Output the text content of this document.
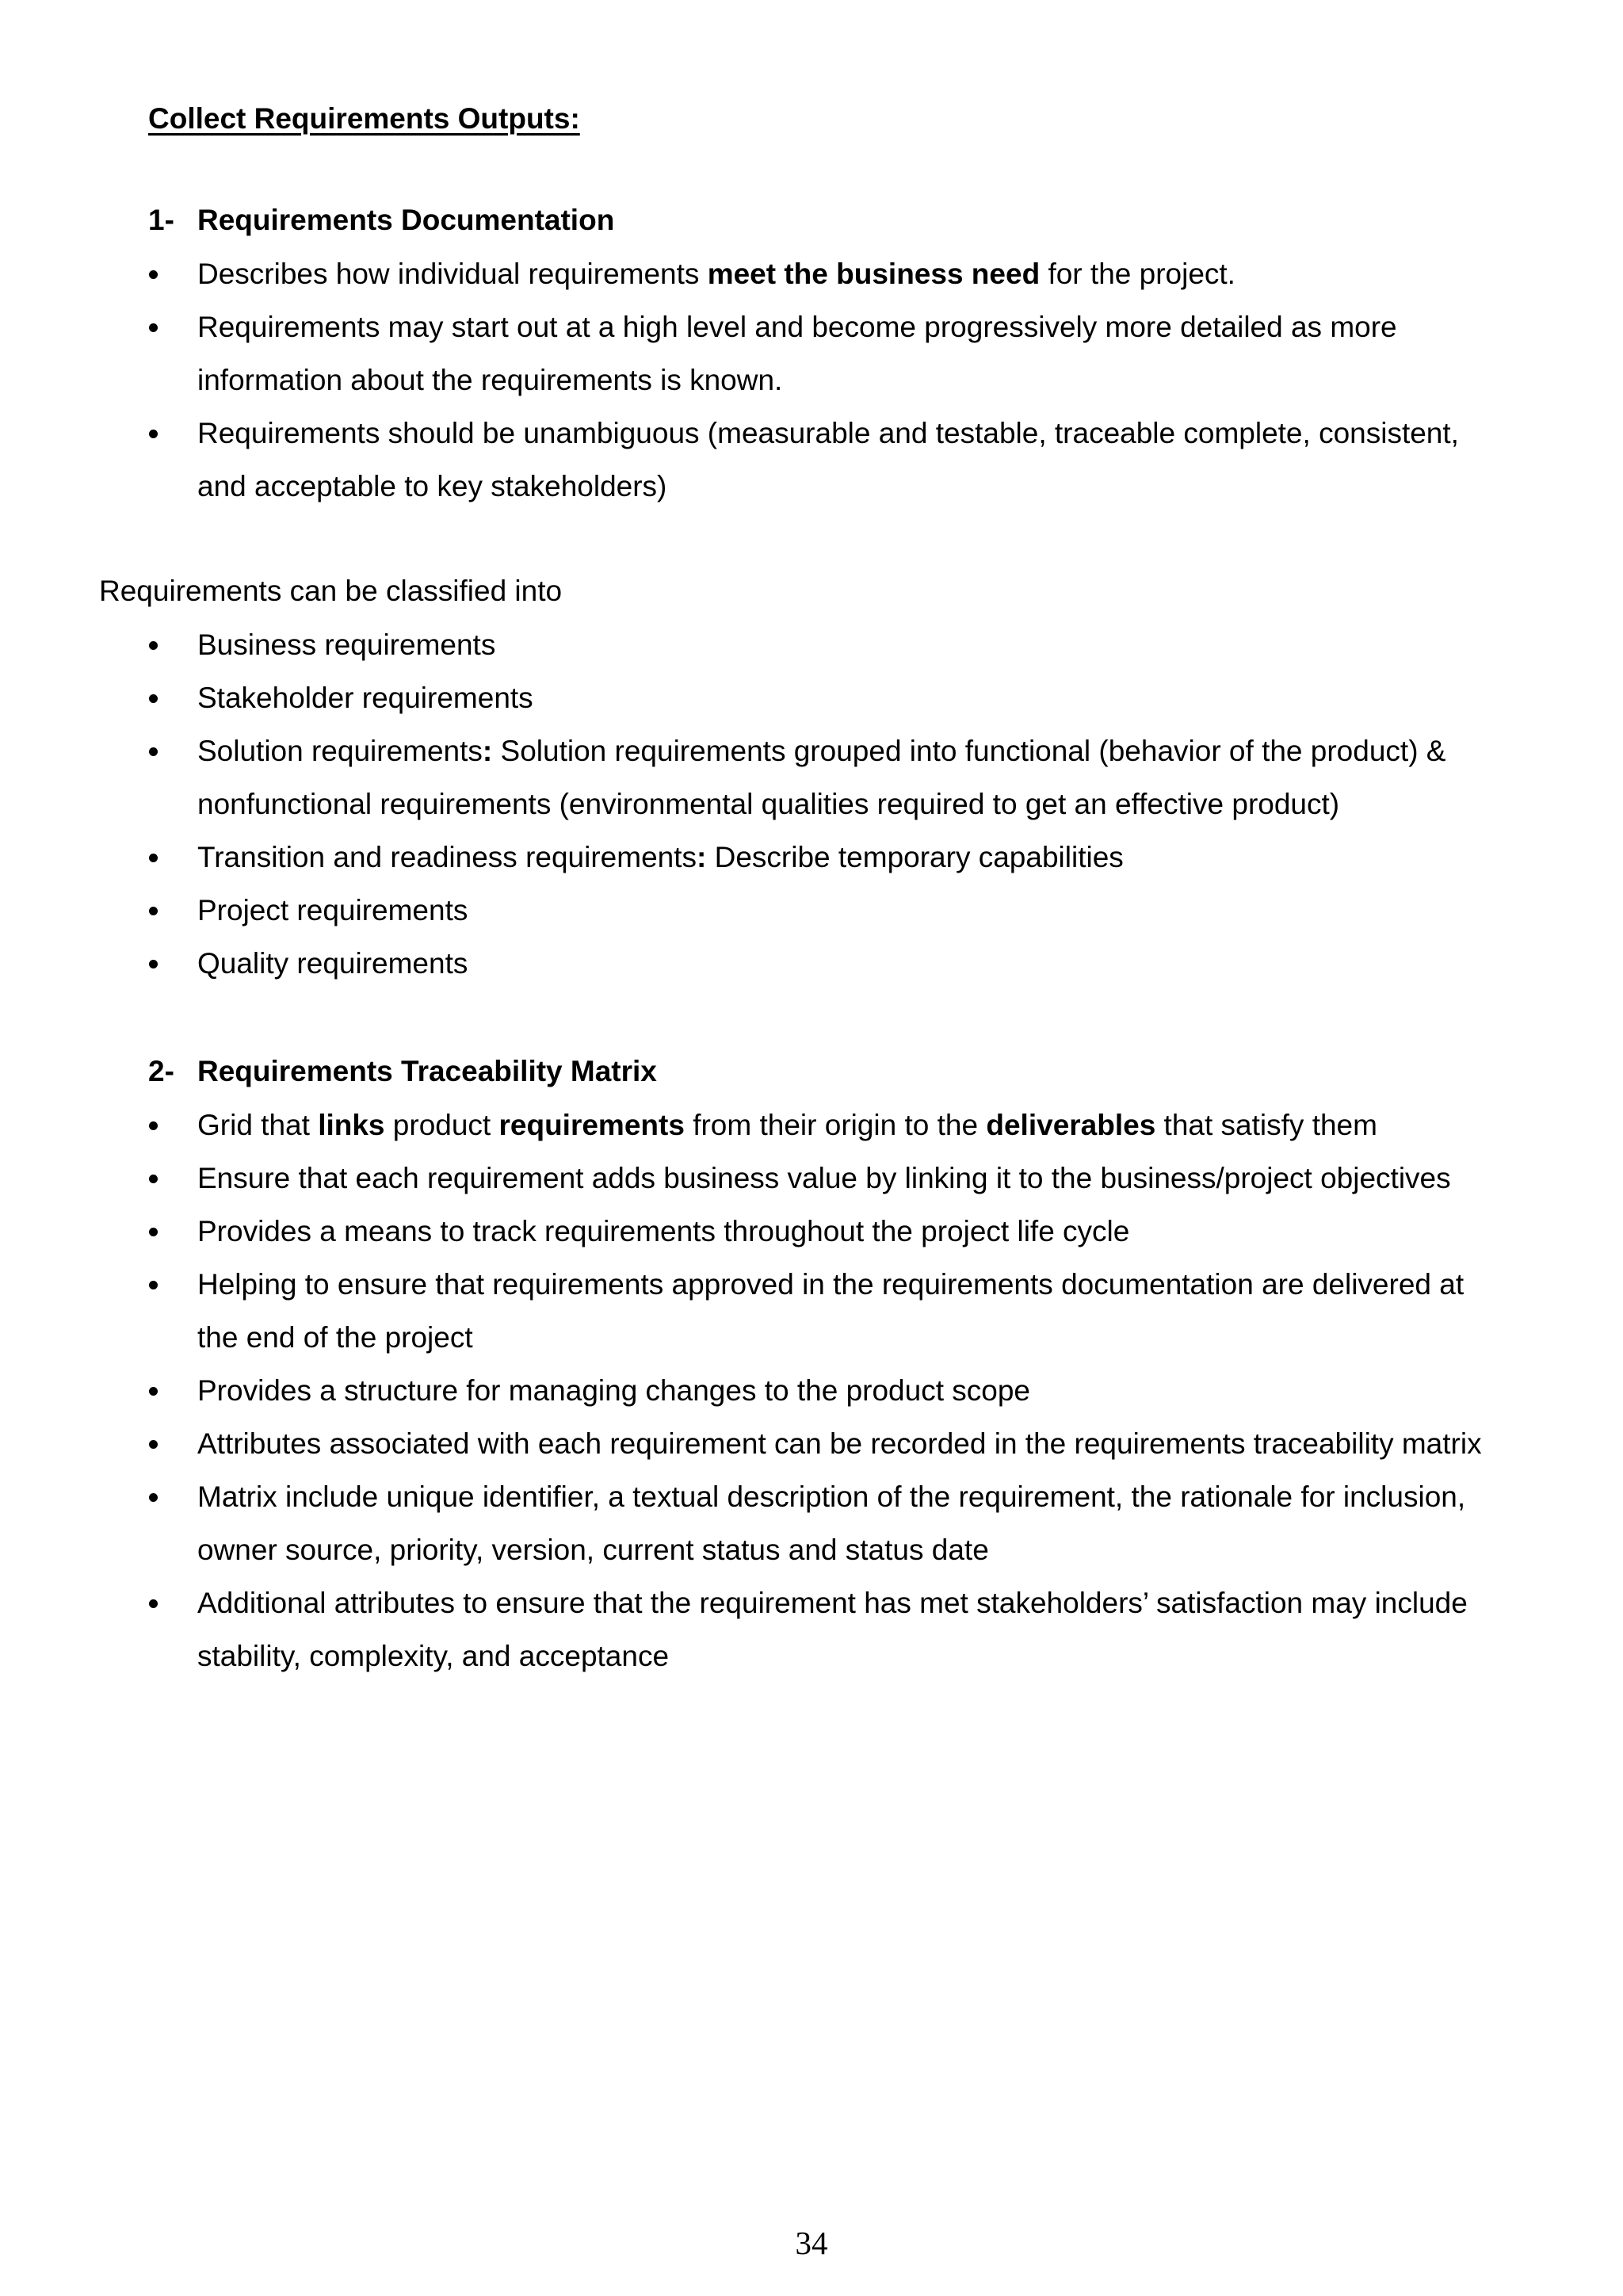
Collect Requirements Outputs:
1- Requirements Documentation
Describes how individual requirements meet the business need for the project.
Requirements may start out at a high level and become progressively more detailed as more
information about the requirements is known.
Requirements should be unambiguous (measurable and testable, traceable complete, consistent,
and acceptable to key stakeholders)
Requirements can be classified into
Business requirements
Stakeholder requirements
Solution requirements: Solution requirements grouped into functional (behavior of the product) &
nonfunctional requirements (environmental qualities required to get an effective product)
Transition and readiness requirements: Describe temporary capabilities
Project requirements
Quality requirements
2- Requirements Traceability Matrix
Grid that links product requirements from their origin to the deliverables that satisfy them
Ensure that each requirement adds business value by linking it to the business/project objectives
Provides a means to track requirements throughout the project life cycle
Helping to ensure that requirements approved in the requirements documentation are delivered at
the end of the project
Provides a structure for managing changes to the product scope
Attributes associated with each requirement can be recorded in the requirements traceability matrix
Matrix include unique identifier, a textual description of the requirement, the rationale for inclusion,
owner source, priority, version, current status and status date
Additional attributes to ensure that the requirement has met stakeholders’ satisfaction may include
stability, complexity, and acceptance
34
